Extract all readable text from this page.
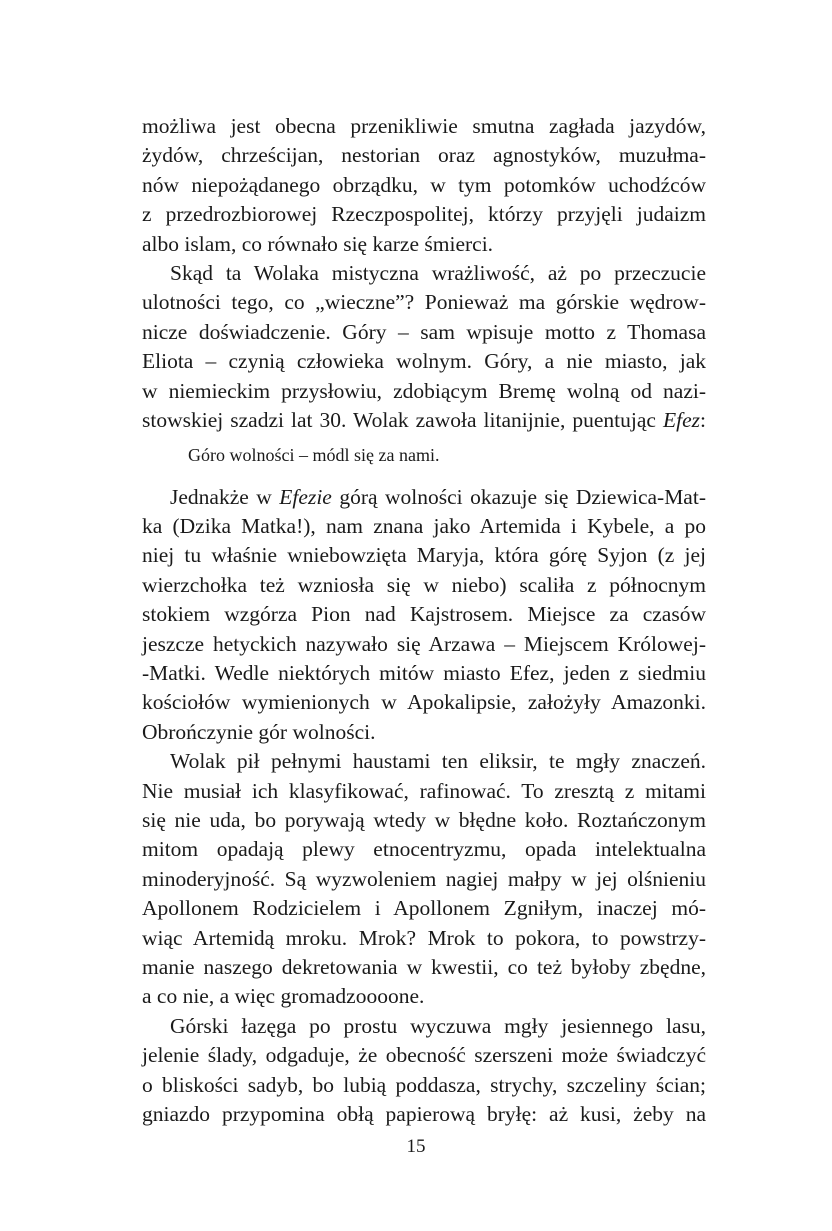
możliwa jest obecna przenikliwie smutna zagłada jazydów,
żydów, chrześcijan, nestorian oraz agnostyków, muzułma-
nów niepożądanego obrządku, w tym potomków uchodźców
z przedrozbiorowej Rzeczpospolitej, którzy przyjęli judaizm
albo islam, co równało się karze śmierci.
Skąd ta Wolaka mistyczna wrażliwość, aż po przeczucie
ulotności tego, co „wieczne”? Ponieważ ma górskie wędrow-
nicze doświadczenie. Góry – sam wpisuje motto z Thomasa
Eliota – czynią człowieka wolnym. Góry, a nie miasto, jak
w niemieckim przysłowiu, zdobiącym Bremę wolną od nazi-
stowskiej szadzi lat 30. Wolak zawoła litanijnie, puentując Efez:
Góro wolności – módl się za nami.
Jednakże w Efezie górą wolności okazuje się Dziewica-Mat-
ka (Dzika Matka!), nam znana jako Artemida i Kybele, a po
niej tu właśnie wniebowzięta Maryja, która górę Syjon (z jej
wierzchołka też wzniosła się w niebo) scaliła z północnym
stokiem wzgórza Pion nad Kajstrosem. Miejsce za czasów
jeszcze hetyckich nazywało się Arzawa – Miejscem Królowej-
-Matki. Wedle niektórych mitów miasto Efez, jeden z siedmiu
kościołów wymienionych w Apokalipsie, założyły Amazonki.
Obrończynie gór wolności.
Wolak pił pełnymi haustami ten eliksir, te mgły znaczeń.
Nie musiał ich klasyfikować, rafinować. To zresztą z mitami
się nie uda, bo porywają wtedy w błędne koło. Roztańczonym
mitom opadają plewy etnocentryzmu, opada intelektualna
minoderyjność. Są wyzwoleniem nagiej małpy w jej olśnieniu
Apollonem Rodzicielem i Apollonem Zgniłym, inaczej mó-
wiąc Artemidą mroku. Mrok? Mrok to pokora, to powstrzy-
manie naszego dekretowania w kwestii, co też byłoby zbędne,
a co nie, a więc gromadzoooone.
Górski łazęga po prostu wyczuwa mgły jesiennego lasu,
jelenie ślady, odgaduje, że obecność szerszeni może świadczyć
o bliskości sadyb, bo lubią poddasza, strychy, szczeliny ścian;
gniazdo przypomina obłą papierową bryłę: aż kusi, żeby na
15
